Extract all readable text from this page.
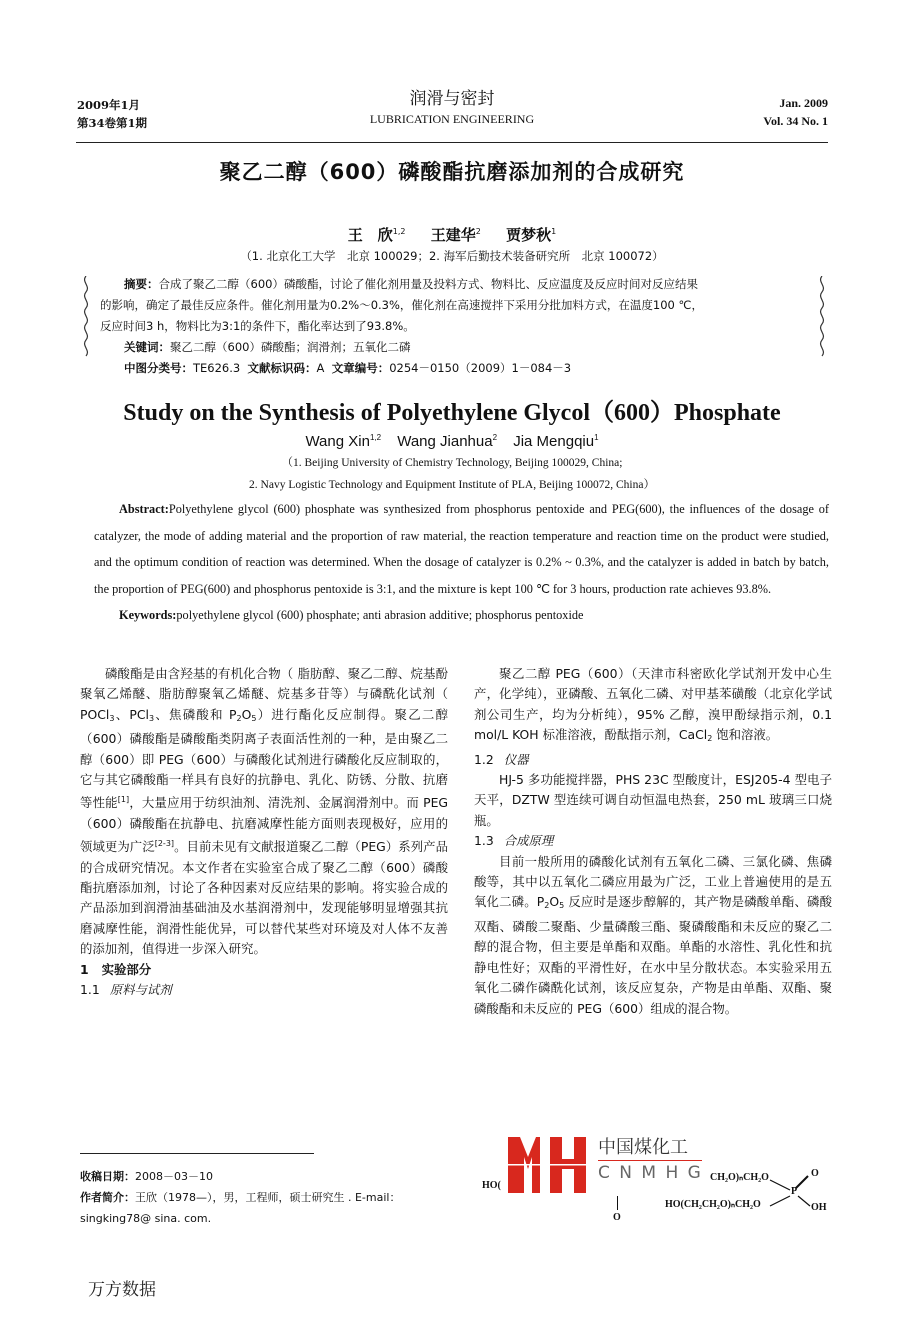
2009年1月
第34卷第1期
润滑与密封
LUBRICATION ENGINEERING
Jan. 2009
Vol. 34 No. 1
聚乙二醇（600）磷酸酯抗磨添加剂的合成研究
王　欣$^{1,2}$ 王建华$^2$ 贾梦秋$^1$
（1. 北京化工大学　北京 100029；2. 海军后勤技术装备研究所　北京 100072）
摘要：合成了聚乙二醇（600）磷酸酯，讨论了催化剂用量及投料方式、物料比、反应温度及反应时间对反应结果
的影响，确定了最佳反应条件。催化剂用量为0.2%～0.3%，催化剂在高速搅拌下采用分批加料方式，在温度100 ℃，
反应时间3 h，物料比为3:1的条件下，酯化率达到了93.8%。
关键词：聚乙二醇（600）磷酸酯；润滑剂；五氧化二磷
中图分类号：TE626.3 文献标识码：A 文章编号：0254－0150（2009）1－084－3
Study on the Synthesis of Polyethylene Glycol（600）Phosphate
Wang Xin$^{1,2}$ Wang Jianhua$^2$ Jia Mengqiu$^1$
（1. Beijing University of Chemistry Technology, Beijing 100029, China;
2. Navy Logistic Technology and Equipment Institute of PLA, Beijing 100072, China）
Abstract:Polyethylene glycol (600) phosphate was synthesized from phosphorus pentoxide and PEG(600), the influences of the dosage of catalyzer, the mode of adding material and the proportion of raw material, the reaction temperature and reaction time on the product were studied, and the optimum condition of reaction was determined. When the dosage of catalyzer is 0.2% ~ 0.3%, and the catalyzer is added in batch by batch, the proportion of PEG(600) and phosphorus pentoxide is 3:1, and the mixture is kept 100 ℃ for 3 hours, production rate achieves 93.8%.
Keywords:polyethylene glycol (600) phosphate; anti abrasion additive; phosphorus pentoxide

磷酸酯是由含羟基的有机化合物（ 脂肪醇、聚乙二醇、烷基酚聚氧乙烯醚、脂肪醇聚氧乙烯醚、烷基多苷等）与磷酰化试剂（ POCl$_3$、PCl$_3$、焦磷酸和 $P_2O_5$）进行酯化反应制得。聚乙二醇（600）磷酸酯是磷酸酯类阴离子表面活性剂的一种，是由聚乙二醇（600）即 PEG（600）与磷酸化试剂进行磷酸化反应制取的，它与其它磷酸酯一样具有良好的抗静电、乳化、防锈、分散、抗磨等性能[1]，大量应用于纺织油剂、清洗剂、金属润滑剂中。而 PEG（600）磷酸酯在抗静电、抗磨减摩性能方面则表现极好，应用的领域更为广泛[2-3]。目前未见有文献报道聚乙二醇（PEG）系列产品的合成研究情况。本文作者在实验室合成了聚乙二醇（600）磷酸酯抗磨添加剂，讨论了各种因素对反应结果的影响。将实验合成的产品添加到润滑油基础油及水基润滑剂中，发现能够明显增强其抗磨减摩性能，润滑性能优异，可以替代某些对环境及对人体不友善的添加剂，值得进一步深入研究。

1 实验部分

1.1 原料与试剂

聚乙二醇 PEG（600）（天津市科密欧化学试剂开发中心生产，化学纯），亚磷酸、五氧化二磷、对甲基苯磺酸（北京化学试剂公司生产，均为分析纯），95% 乙醇，溴甲酚绿指示剂，0.1 mol/L KOH 标准溶液，酚酞指示剂，CaCl$_2$ 饱和溶液。

1.2 仪器

HJ-5 多功能搅拌器，PHS 23C 型酸度计，ESJ205-4 型电子天平，DZTW 型连续可调自动恒温电热套，250 mL 玻璃三口烧瓶。

1.3 合成原理

目前一般所用的磷酸化试剂有五氧化二磷、三氯化磷、焦磷酸等，其中以五氧化二磷应用最为广泛，工业上普遍使用的是五氧化二磷。$P_2O_5$ 反应时是逐步醇解的，其产物是磷酸单酯、磷酸双酯、磷酸二聚酯、少量磷酸三酯、聚磷酸酯和未反应的聚乙二醇的混合物，但主要是单酯和双酯。单酯的水溶性、乳化性和抗静电性好；双酯的平滑性好，在水中呈分散状态。本实验采用五氧化二磷作磷酰化试剂，该反应复杂，产物是由单酯、双酯、聚磷酸酯和未反应的 PEG（600）组成的混合物。

HO(
中国煤化工
C N M H G CH₂O)ₙCH₂O
HO(CH₂CH₂O)ₙCH₂O
P
O
OH
O
收稿日期：2008－03－10
作者简介：王欣（1978—），男，工程师，硕士研究生 . E-mail：singking78@ sina. com.
万方数据
